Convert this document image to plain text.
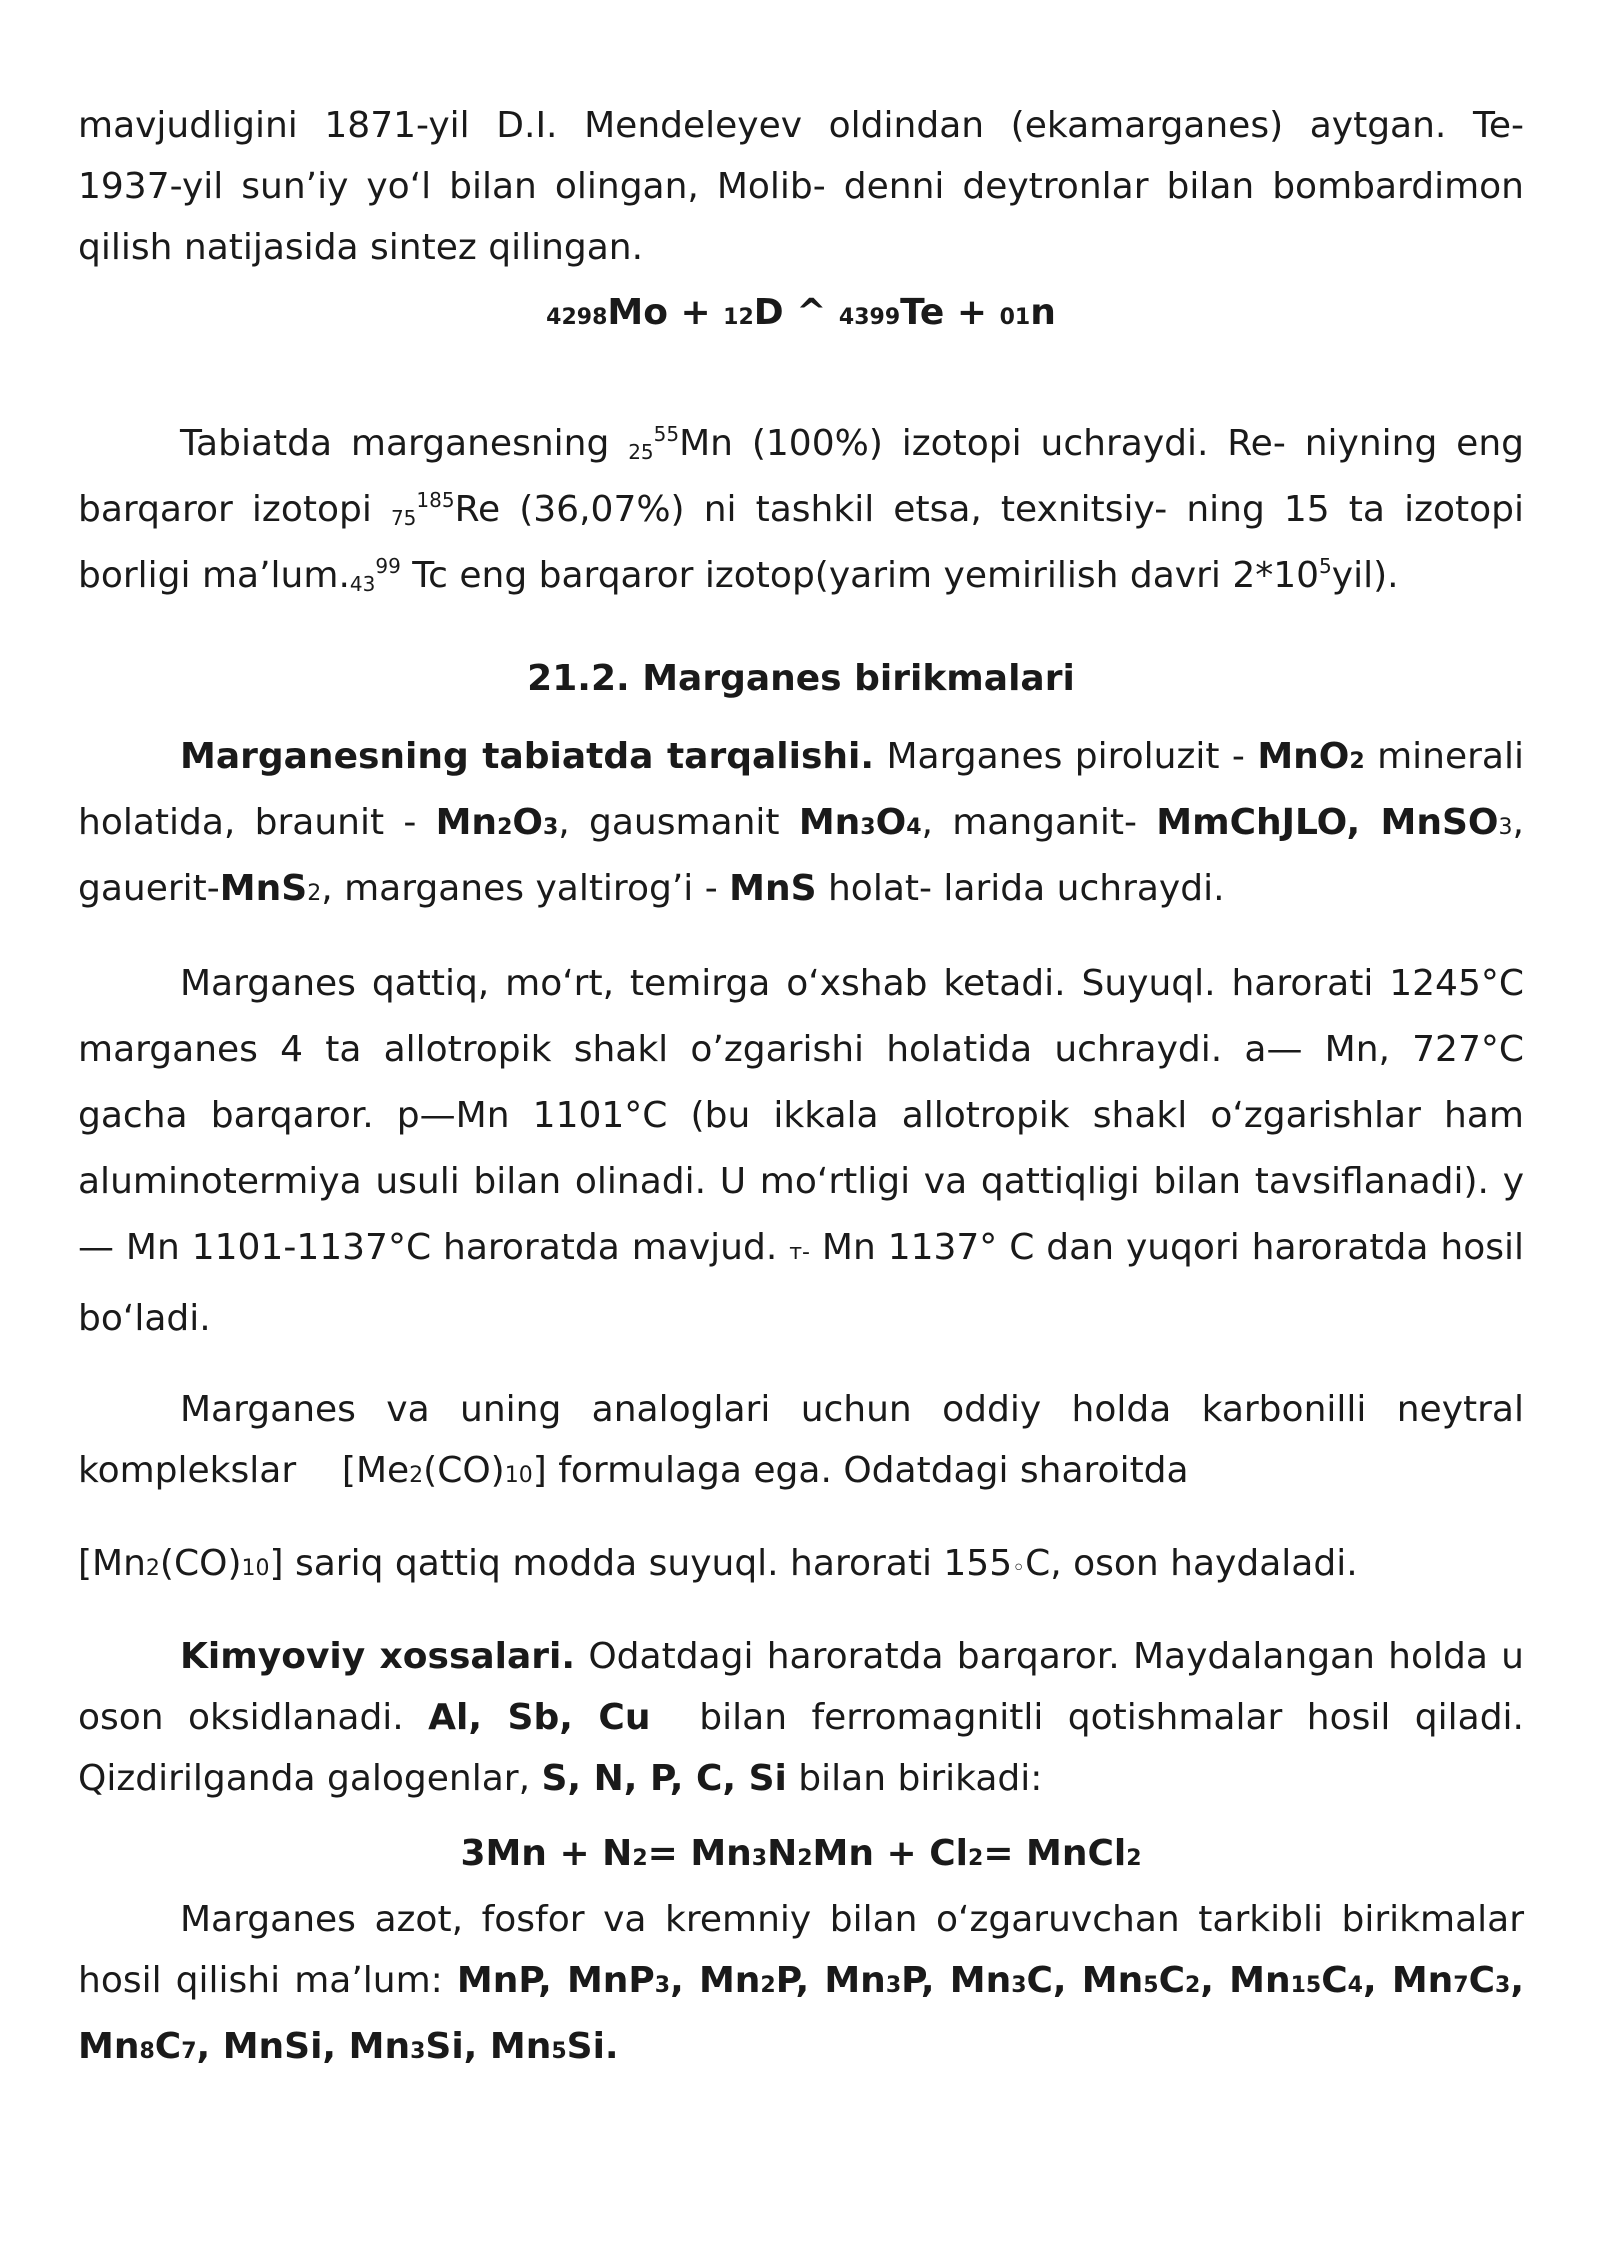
mavjudligini 1871-yil D.I. Mendeleyev oldindan (ekamarganes) aytgan. Te- 1937-yil sun’iy yo‘l bilan olingan, Molib- denni deytronlar bilan bombardimon qilish natijasida sintez qilingan.

4298Mo + 12D ^ 4399Te + 01n

Tabiatda marganesning $25^{55}Mn$ (100%) izotopi uchraydi. Re- niyning eng barqaror izotopi $75^{185}Re$ (36,07%) ni tashkil etsa, texnitsiy- ning 15 ta izotopi borligi $ma’lum.43^{99}$ Tc eng barqaror izotop(yarim yemirilish davri $2*10^5yil$).

21.2. Marganes birikmalari

Marganesning tabiatda tarqalishi. Marganes piroluzit - MnO2 minerali holatida, braunit - Mn2O3, gausmanit Mn3O4, manganit- MmChJLO, MnSO3, gauerit-MnS2, marganes yaltirog’i - MnS holat- larida uchraydi.

Marganes qattiq, mo‘rt, temirga o‘xshab ketadi. Suyuql. harorati 1245°C marganes 4 ta allotropik shakl o’zgarishi holatida uchraydi. a— Mn, 727°C gacha barqaror. p—Mn 1101°C (bu ikkala allotropik shakl o‘zgarishlar ham aluminotermiya usuli bilan olinadi. U mo‘rtligi va qattiqligi bilan tavsiflanadi). y— Mn 1101-1137°C haroratda mavjud. т- Mn 1137° C dan yuqori haroratda hosil bo‘ladi.

Marganes va uning analoglari uchun oddiy holda karbonilli neytral komplekslar    [Me2(CO)10] formulaga ega. Odatdagi sharoitda

[Mn2(CO)10] sariq qattiq modda suyuql. harorati 155◦C, oson haydaladi.

Kimyoviy xossalari. Odatdagi haroratda barqaror. Maydalangan holda u oson oksidlanadi. Al, Sb, Cu  bilan ferromagnitli qotishmalar hosil qiladi. Qizdirilganda galogenlar, S, N, P, C, Si bilan birikadi:

3Mn + N2= Mn3N2Mn + Cl2= MnCl2

Marganes azot, fosfor va kremniy bilan o‘zgaruvchan tarkibli birikmalar hosil qilishi ma’lum: MnP, MnP3, Mn2P, Mn3P, Mn3C, Mn5C2, Mn15C4, Mn7C3, Mn8C7, MnSi, Mn3Si, Mn5Si.
